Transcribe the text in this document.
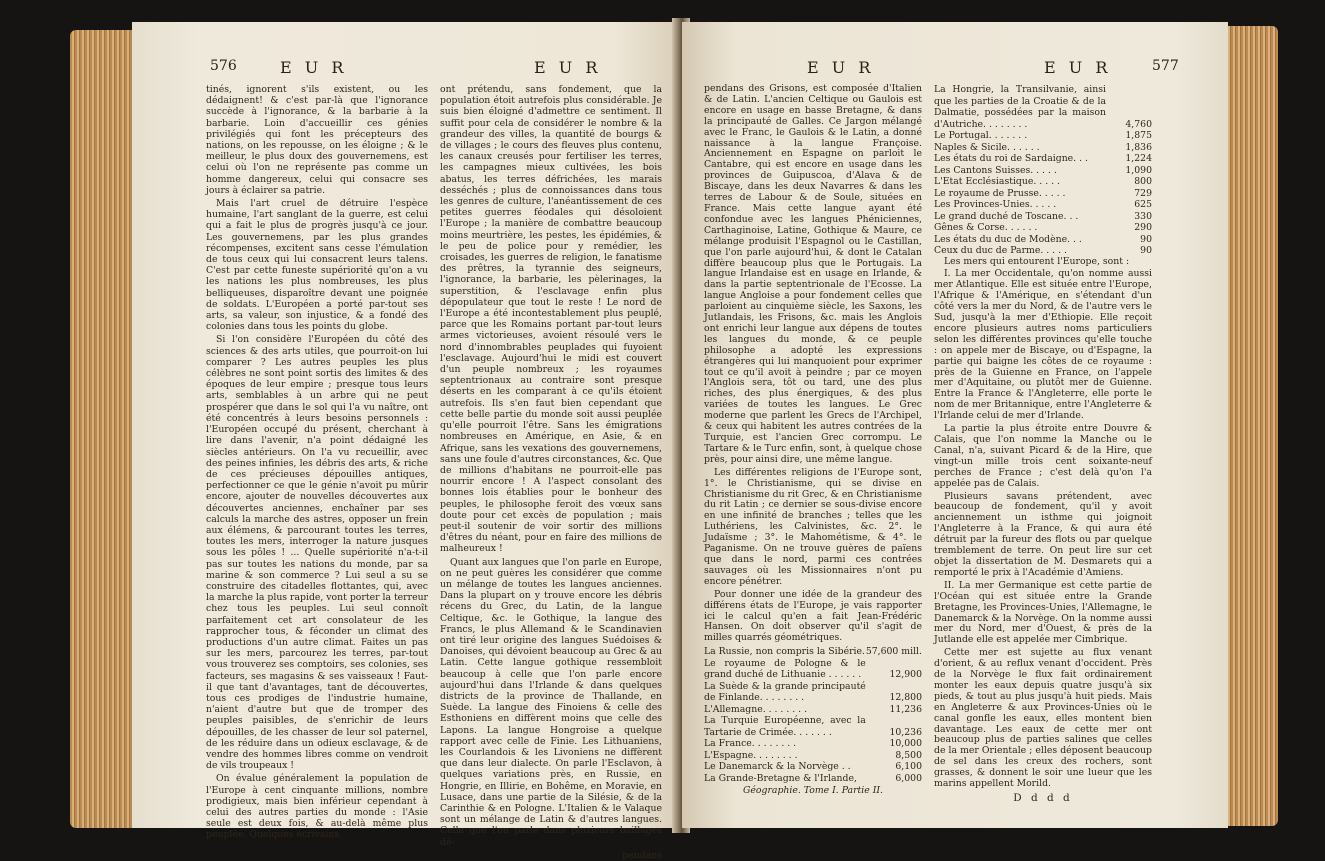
576	E U R	E U R

tinés, ignorent s'ils existent, ou les dédaignent! & c'est par-là que l'ignorance succède à l'ignorance, & la barbarie à la barbarie. Loin d'accueillir ces génies privilégiés qui font les précepteurs des nations, on les repousse, on les éloigne ; & le meilleur, le plus doux des gouvernemens, est celui où l'on ne représente pas comme un homme dangereux, celui qui consacre ses jours à éclairer sa patrie.

Mais l'art cruel de détruire l'espèce humaine, l'art sanglant de la guerre, est celui qui a fait le plus de progrès jusqu'à ce jour. Les gouvernemens, par les plus grandes récompenses, excitent sans cesse l'émulation de tous ceux qui lui consacrent leurs talens. C'est par cette funeste supériorité qu'on a vu les nations les plus nombreuses, les plus belliqueuses, disparoître devant une poignée de soldats. L'Européen a porté par-tout ses arts, sa valeur, son injustice, & a fondé des colonies dans tous les points du globe.

Si l'on considère l'Européen du côté des sciences & des arts utiles, que pourroit-on lui comparer ? Les autres peuples les plus célèbres ne sont point sortis des limites & des époques de leur empire ; presque tous leurs arts, semblables à un arbre qui ne peut prospérer que dans le sol qui l'a vu naître, ont été concentrés à leurs besoins personnels : l'Européen occupé du présent, cherchant à lire dans l'avenir, n'a point dédaigné les siècles antérieurs. On l'a vu recueillir, avec des peines infinies, les débris des arts, & riche de ces précieuses dépouilles antiques, perfectionner ce que le génie n'avoit pu mûrir encore, ajouter de nouvelles découvertes aux découvertes anciennes, enchaîner par ses calculs la marche des astres, opposer un frein aux élémens, & parcourant toutes les terres, toutes les mers, interroger la nature jusques sous les pôles ! ... Quelle supériorité n'a-t-il pas sur toutes les nations du monde, par sa marine & son commerce ? Lui seul a su se construire des citadelles flottantes, qui, avec la marche la plus rapide, vont porter la terreur chez tous les peuples. Lui seul connoît parfaitement cet art consolateur de les rapprocher tous, & féconder un climat des productions d'un autre climat. Faites un pas sur les mers, parcourez les terres, par-tout vous trouverez ses comptoirs, ses colonies, ses facteurs, ses magasins & ses vaisseaux ! Faut-il que tant d'avantages, tant de découvertes, tous ces prodiges de l'industrie humaine, n'aient d'autre but que de tromper des peuples paisibles, de s'enrichir de leurs dépouilles, de les chasser de leur sol paternel, de les réduire dans un odieux esclavage, & de vendre des hommes libres comme on vendroit de vils troupeaux !

On évalue généralement la population de l'Europe à cent cinquante millions, nombre prodigieux, mais bien inférieur cependant à celui des autres parties du monde : l'Asie seule est deux fois, & au-delà même plus peuplée. Quelques écrivains

ont prétendu, sans fondement, que la population étoit autrefois plus considérable. Je suis bien éloigné d'admettre ce sentiment. Il suffit pour cela de considérer le nombre & la grandeur des villes, la quantité de bourgs & de villages ; le cours des fleuves plus contenu, les canaux creusés pour fertiliser les terres, les campagnes mieux cultivées, les bois abatus, les terres défrichées, les marais desséchés ; plus de connoissances dans tous les genres de culture, l'anéantissement de ces petites guerres féodales qui désoloient l'Europe ; la manière de combattre beaucoup moins meurtrière, les pestes, les épidémies, & le peu de police pour y remédier, les croisades, les guerres de religion, le fanatisme des prêtres, la tyrannie des seigneurs, l'ignorance, la barbarie, les pèlerinages, la superstition, & l'esclavage enfin plus dépopulateur que tout le reste ! Le nord de l'Europe a été incontestablement plus peuplé, parce que les Romains portant par-tout leurs armes victorieuses, avoient résoulé vers le nord d'innombrables peuplades qui fuyoient l'esclavage. Aujourd'hui le midi est couvert d'un peuple nombreux ; les royaumes septentrionaux au contraire sont presque déserts en les comparant à ce qu'ils étoient autrefois. Ils s'en faut bien cependant que cette belle partie du monde soit aussi peuplée qu'elle pourroit l'être. Sans les émigrations nombreuses en Amérique, en Asie, & en Afrique, sans les vexations des gouvernemens, sans une foule d'autres circonstances, &c. Que de millions d'habitans ne pourroit-elle pas nourrir encore ! A l'aspect consolant des bonnes lois établies pour le bonheur des peuples, le philosophe feroit des vœux sans doute pour cet excès de population ; mais peut-il soutenir de voir sortir des millions d'êtres du néant, pour en faire des millions de malheureux !

Quant aux langues que l'on parle en Europe, on ne peut guères les considérer que comme un mélange de toutes les langues anciennes. Dans la plupart on y trouve encore les débris récens du Grec, du Latin, de la langue Celtique, &c. le Gothique, la langue des Francs, le plus Allemand & le Scandinavien ont tiré leur origine des langues Suédoises & Danoises, qui dévoient beaucoup au Grec & au Latin. Cette langue gothique ressembloit beaucoup à celle que l'on parle encore aujourd'hui dans l'Irlande & dans quelques districts de la province de Thallande, en Suède. La langue des Finoiens & celle des Esthoniens en diffèrent moins que celle des Lapons. La langue Hongroise a quelque rapport avec celle de Finie. Les Lithuaniens, les Courlandois & les Livoniens ne diffèrent que dans leur dialecte. On parle l'Esclavon, à quelques variations près, en Russie, en Hongrie, en Illirie, en Bohême, en Moravie, en Lusace, dans une partie de la Silésie, & de la Carinthie & en Pologne. L'Italien & le Valaque sont un mélange de Latin & d'autres langues. Celle que l'on parle dans plusieurs baillages dé-

pendans
E U R	E U R	577

pendans des Grisons, est composée d'Italien & de Latin. L'ancien Celtique ou Gaulois est encore en usage en basse Bretagne, & dans la principauté de Galles. Ce Jargon mélangé avec le Franc, le Gaulois & le Latin, a donné naissance à la langue Françoise. Anciennement en Espagne on parloit le Cantabre, qui est encore en usage dans les provinces de Guipuscoa, d'Alava & de Biscaye, dans les deux Navarres & dans les terres de Labour & de Soule, situées en France. Mais cette langue ayant été confondue avec les langues Phéniciennes, Carthaginoise, Latine, Gothique & Maure, ce mélange produisit l'Espagnol ou le Castillan, que l'on parle aujourd'hui, & dont le Catalan diffère beaucoup plus que le Portugais. La langue Irlandaise est en usage en Irlande, & dans la partie septentrionale de l'Ecosse. La langue Angloise a pour fondement celles que parloient au cinquième siècle, les Saxons, les Jutlandais, les Frisons, &c. mais les Anglois ont enrichi leur langue aux dépens de toutes les langues du monde, & ce peuple philosophe a adopté les expressions étrangères qui lui manquoient pour exprimer tout ce qu'il avoit à peindre ; par ce moyen l'Anglois sera, tôt ou tard, une des plus riches, des plus énergiques, & des plus variées de toutes les langues. Le Grec moderne que parlent les Grecs de l'Archipel, & ceux qui habitent les autres contrées de la Turquie, est l'ancien Grec corrompu. Le Tartare & le Turc enfin, sont, à quelque chose près, pour ainsi dire, une même langue.

Les différentes religions de l'Europe sont, 1°. le Christianisme, qui se divise en Christianisme du rit Grec, & en Christianisme du rit Latin ; ce dernier se sous-divise encore en une infinité de branches ; telles que les Luthériens, les Calvinistes, &c. 2°. le Judaïsme ; 3°. le Mahométisme, & 4°. le Paganisme. On ne trouve guères de païens que dans le nord, parmi ces contrées sauvages où les Missionnaires n'ont pu encore pénétrer.

Pour donner une idée de la grandeur des différens états de l'Europe, je vais rapporter ici le calcul qu'en a fait Jean-Frédéric Hansen. On doit observer qu'il s'agit de milles quarrés géométriques.

La Russie, non compris la Sibérie.	57,600 mill.
Le royaume de Pologne & le grand duché de Lithuanie . . . . . .	12,900
La Suède & la grande principauté de Finlande. . . . . . . .	12,800
L'Allemagne. . . . . . . .	11,236
La Turquie Européenne, avec la Tartarie de Crimée. . . . . . .	10,236
La France. . . . . . . .	10,000
L'Espagne. . . . . . . .	8,500
Le Danemarck & la Norvège . .	6,100
La Grande-Bretagne & l'Irlande,	6,000
Géographie. Tome I. Partie II.
La Hongrie, la Transilvanie, ainsi que les parties de la Croatie & de la Dalmatie, possédées par la maison d'Autriche. . . . . . . .	4,760
Le Portugal. . . . . . .	1,875
Naples & Sicile. . . . . .	1,836
Les états du roi de Sardaigne. . .	1,224
Les Cantons Suisses. . . . .	1,090
L'Etat Ecclésiastique. . . . .	800
Le royaume de Prusse. . . . .	729
Les Provinces-Unies. . . . .	625
Le grand duché de Toscane. . .	330
Gênes & Corse. . . . . .	290
Les états du duc de Modène. . .	90
Ceux du duc de Parme. . . . .	90

Les mers qui entourent l'Europe, sont :

I. La mer Occidentale, qu'on nomme aussi mer Atlantique. Elle est située entre l'Europe, l'Afrique & l'Amérique, en s'étendant d'un côté vers la mer du Nord, & de l'autre vers le Sud, jusqu'à la mer d'Ethiopie. Elle reçoit encore plusieurs autres noms particuliers selon les différentes provinces qu'elle touche : on appele mer de Biscaye, ou d'Espagne, la partie qui baigne les côtes de ce royaume : près de la Guienne en France, on l'appele mer d'Aquitaine, ou plutôt mer de Guienne. Entre la France & l'Angleterre, elle porte le nom de mer Britannique, entre l'Angleterre & l'Irlande celui de mer d'Irlande.

La partie la plus étroite entre Douvre & Calais, que l'on nomme la Manche ou le Canal, n'a, suivant Picard & de la Hire, que vingt-un mille trois cent soixante-neuf perches de France ; c'est delà qu'on l'a appelée pas de Calais.

Plusieurs savans prétendent, avec beaucoup de fondement, qu'il y avoit anciennement un isthme qui joignoit l'Angleterre à la France, & qui aura été détruit par la fureur des flots ou par quelque tremblement de terre. On peut lire sur cet objet la dissertation de M. Desmarets qui a remporté le prix à l'Académie d'Amiens.

II. La mer Germanique est cette partie de l'Océan qui est située entre la Grande Bretagne, les Provinces-Unies, l'Allemagne, le Danemarck & la Norvège. On la nomme aussi mer du Nord, mer d'Ouest, & près de la Jutlande elle est appelée mer Cimbrique.

Cette mer est sujette au flux venant d'orient, & au reflux venant d'occident. Près de la Norvège le flux fait ordinairement monter les eaux depuis quatre jusqu'à six pieds, & tout au plus jusqu'à huit pieds. Mais en Angleterre & aux Provinces-Unies où le canal gonfle les eaux, elles montent bien davantage. Les eaux de cette mer ont beaucoup plus de parties salines que celles de la mer Orientale ; elles déposent beaucoup de sel dans les creux des rochers, sont grasses, & donnent le soir une lueur que les marins appellent Morild.

D d d d
